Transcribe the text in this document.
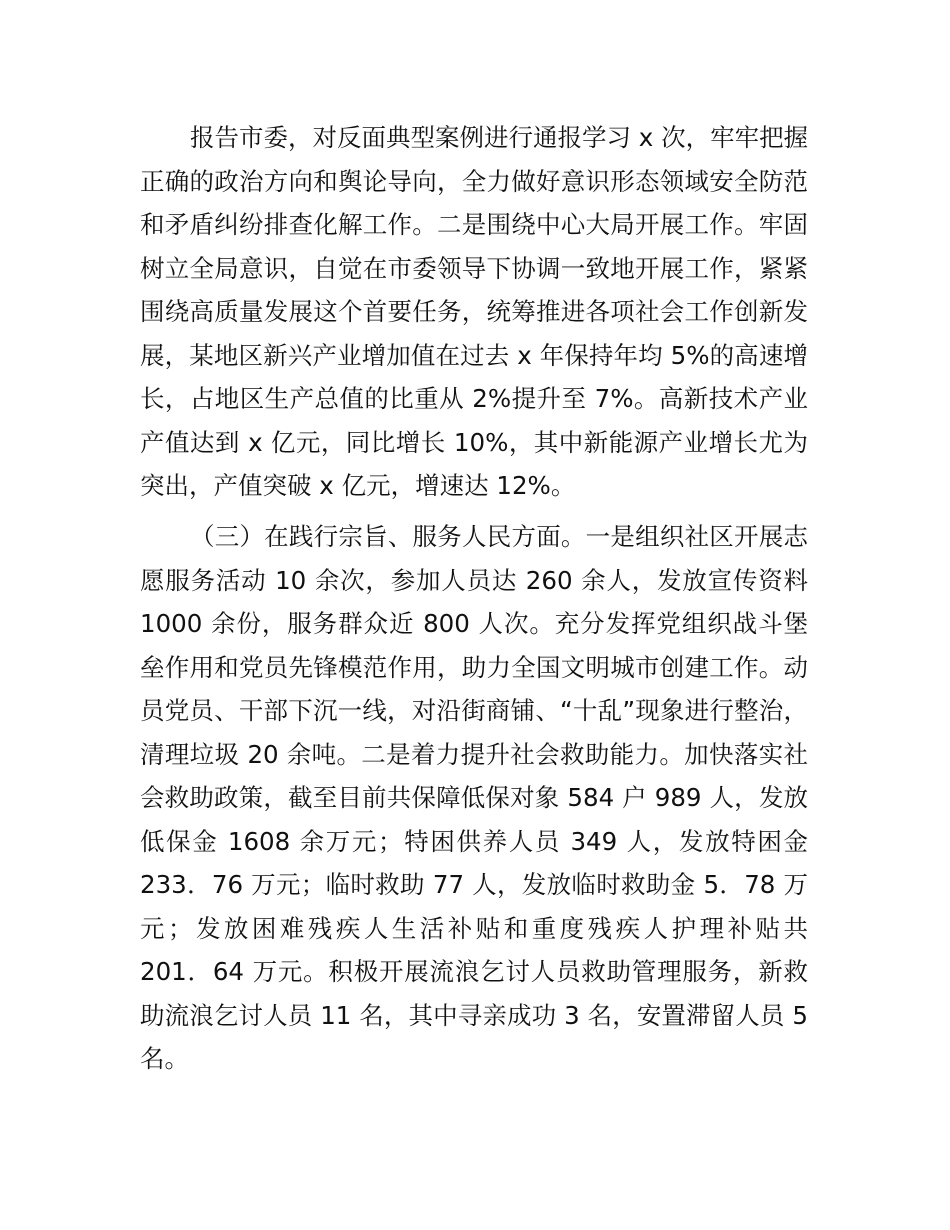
报告市委，对反面典型案例进行通报学习 x 次，牢牢把握
正确的政治方向和舆论导向，全力做好意识形态领域安全防范
和矛盾纠纷排查化解工作。二是围绕中心大局开展工作。牢固
树立全局意识，自觉在市委领导下协调一致地开展工作，紧紧
围绕高质量发展这个首要任务，统筹推进各项社会工作创新发
展，某地区新兴产业增加值在过去 x 年保持年均 5%的高速增
长，占地区生产总值的比重从 2%提升至 7%。高新技术产业
产值达到 x 亿元，同比增长 10%，其中新能源产业增长尤为
突出，产值突破 x 亿元，增速达 12%。
（三）在践行宗旨、服务人民方面。一是组织社区开展志
愿服务活动 10 余次，参加人员达 260 余人，发放宣传资料
1000 余份，服务群众近 800 人次。充分发挥党组织战斗堡
垒作用和党员先锋模范作用，助力全国文明城市创建工作。动
员党员、干部下沉一线，对沿街商铺、“十乱”现象进行整治，
清理垃圾 20 余吨。二是着力提升社会救助能力。加快落实社
会救助政策，截至目前共保障低保对象 584 户 989 人，发放
低保金 1608 余万元；特困供养人员 349 人，发放特困金
233．76 万元；临时救助 77 人，发放临时救助金 5．78 万
元；发放困难残疾人生活补贴和重度残疾人护理补贴共
201．64 万元。积极开展流浪乞讨人员救助管理服务，新救
助流浪乞讨人员 11 名，其中寻亲成功 3 名，安置滞留人员 5
名。
